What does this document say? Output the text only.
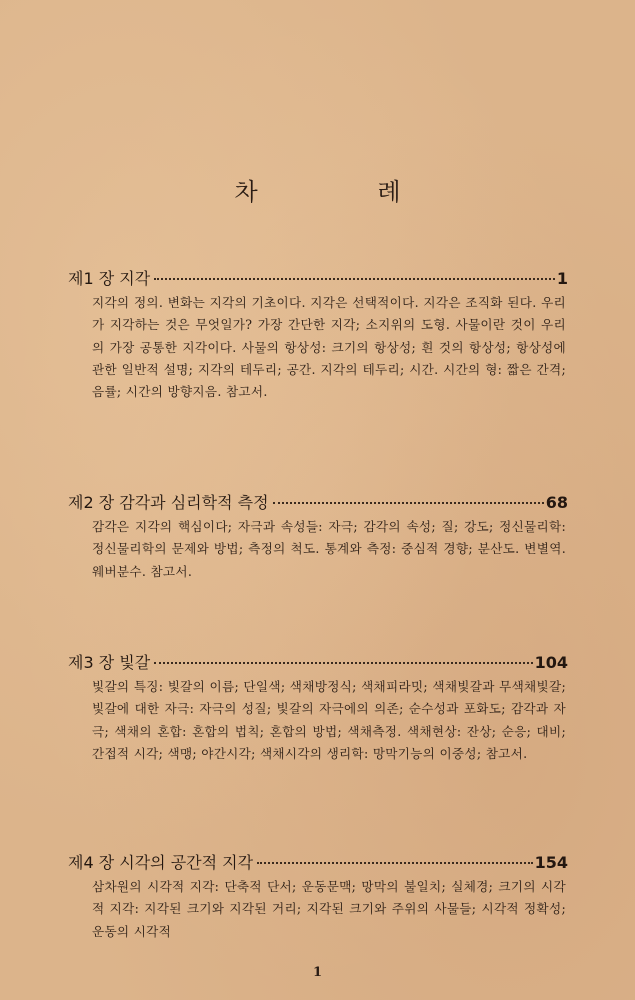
차 례
제1 장 지각	1
지각의 정의. 변화는 지각의 기초이다. 지각은 선택적이다. 지각은 조직화 된다. 우리가 지각하는 것은 무엇일가? 가장 간단한 지각; 소지위의 도형. 사물이란 것이 우리의 가장 공통한 지각이다. 사물의 항상성: 크기의 항상성; 흰 것의 항상성; 항상성에 관한 일반적 설명; 지각의 테두리; 공간. 지각의 테두리; 시간. 시간의 형: 짧은 간격; 음률; 시간의 방향지음. 참고서.
제2 장 감각과 심리학적 측정	68
감각은 지각의 핵심이다; 자극과 속성들: 자극; 감각의 속성; 질; 강도; 정신물리학: 정신물리학의 문제와 방법; 측정의 척도. 통계와 측정: 중심적 경향; 분산도. 변별역. 웨버분수. 참고서.
제3 장 빛갈	104
빛갈의 특징: 빛갈의 이름; 단일색; 색채방정식; 색채피라밋; 색채빛갈과 무색채빛갈; 빛갈에 대한 자극: 자극의 성질; 빛갈의 자극에의 의존; 순수성과 포화도; 감각과 자극; 색채의 혼합: 혼합의 법칙; 혼합의 방법; 색채측정. 색채현상: 잔상; 순응; 대비; 간접적 시각; 색맹; 야간시각; 색채시각의 생리학: 망막기능의 이중성; 참고서.
제4 장 시각의 공간적 지각	154
삼차원의 시각적 지각: 단축적 단서; 운동문맥; 망막의 불일치; 실체경; 크기의 시각적 지각: 지각된 크기와 지각된 거리; 지각된 크기와 주위의 사물들; 시각적 정확성; 운동의 시각적
1
